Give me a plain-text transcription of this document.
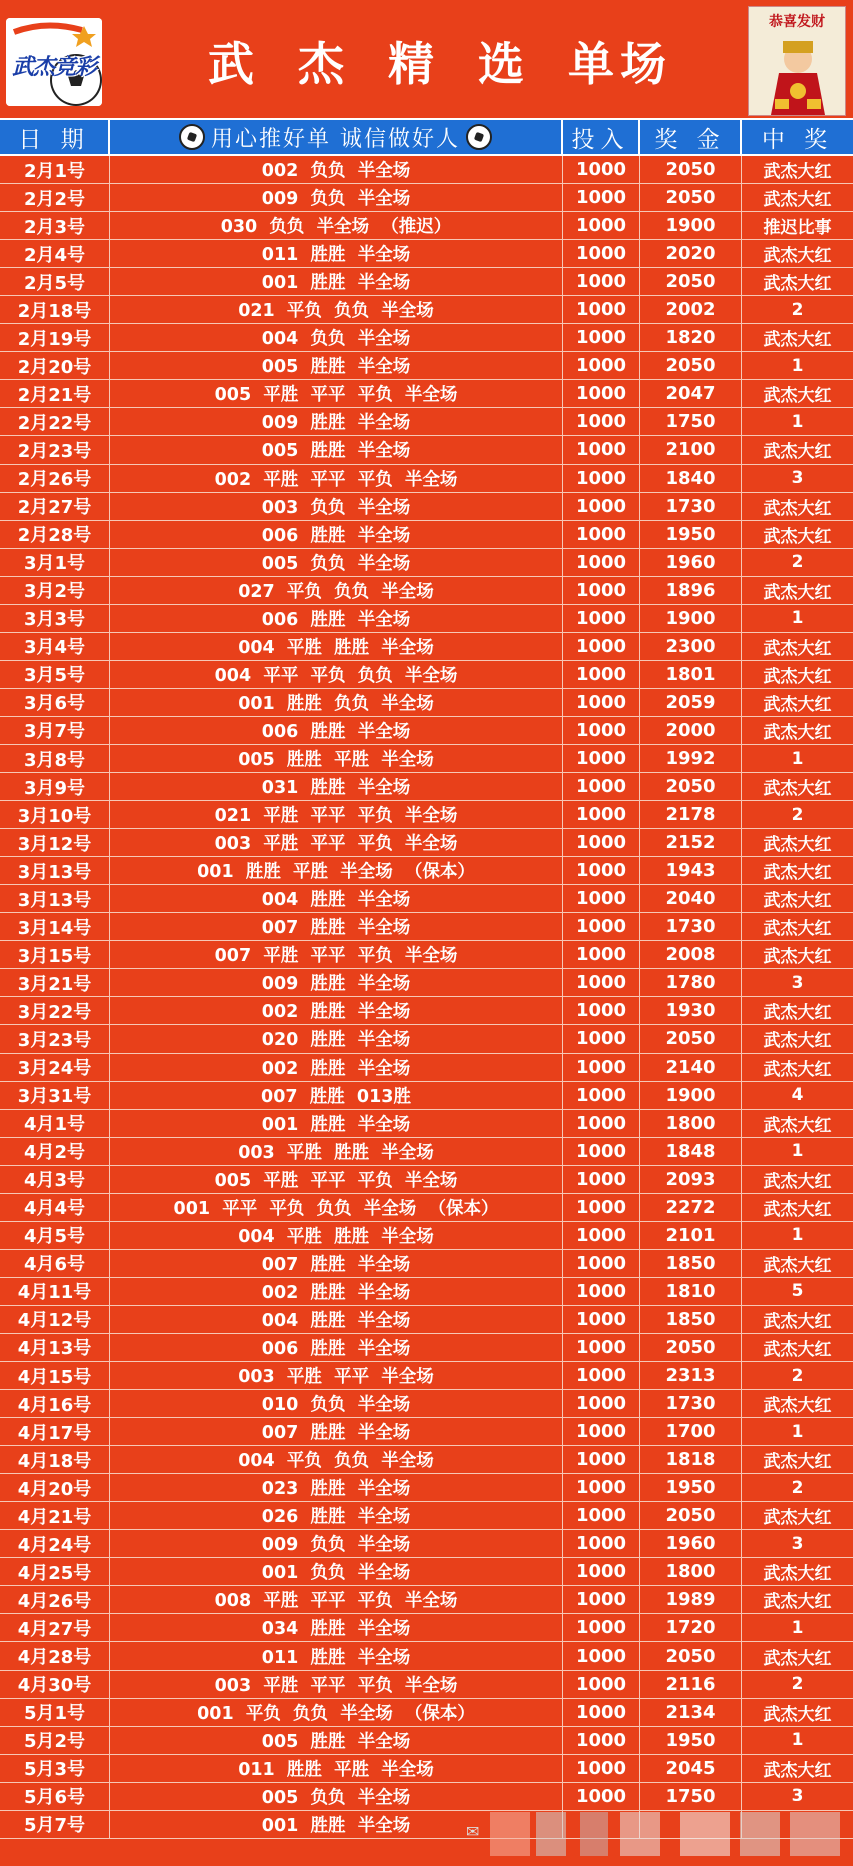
武杰竞彩	武 杰 精 选 单场
恭喜发财
日 期	用心推好单 诚信做好人	投入	奖 金	中 奖
2月1号	002  负负  半全场	1000	2050	武杰大红
2月2号	009  负负  半全场	1000	2050	武杰大红
2月3号	030  负负  半全场  （推迟）	1000	1900	推迟比事
2月4号	011  胜胜  半全场	1000	2020	武杰大红
2月5号	001  胜胜  半全场	1000	2050	武杰大红
2月18号	021  平负  负负  半全场	1000	2002	2
2月19号	004  负负  半全场	1000	1820	武杰大红
2月20号	005  胜胜  半全场	1000	2050	1
2月21号	005  平胜  平平  平负  半全场	1000	2047	武杰大红
2月22号	009  胜胜  半全场	1000	1750	1
2月23号	005  胜胜  半全场	1000	2100	武杰大红
2月26号	002  平胜  平平  平负  半全场	1000	1840	3
2月27号	003  负负  半全场	1000	1730	武杰大红
2月28号	006  胜胜  半全场	1000	1950	武杰大红
3月1号	005  负负  半全场	1000	1960	2
3月2号	027  平负  负负  半全场	1000	1896	武杰大红
3月3号	006  胜胜  半全场	1000	1900	1
3月4号	004  平胜  胜胜  半全场	1000	2300	武杰大红
3月5号	004  平平  平负  负负  半全场	1000	1801	武杰大红
3月6号	001  胜胜  负负  半全场	1000	2059	武杰大红
3月7号	006  胜胜  半全场	1000	2000	武杰大红
3月8号	005  胜胜  平胜  半全场	1000	1992	1
3月9号	031  胜胜  半全场	1000	2050	武杰大红
3月10号	021  平胜  平平  平负  半全场	1000	2178	2
3月12号	003  平胜  平平  平负  半全场	1000	2152	武杰大红
3月13号	001  胜胜  平胜  半全场  （保本）	1000	1943	武杰大红
3月13号	004  胜胜  半全场	1000	2040	武杰大红
3月14号	007  胜胜  半全场	1000	1730	武杰大红
3月15号	007  平胜  平平  平负  半全场	1000	2008	武杰大红
3月21号	009  胜胜  半全场	1000	1780	3
3月22号	002  胜胜  半全场	1000	1930	武杰大红
3月23号	020  胜胜  半全场	1000	2050	武杰大红
3月24号	002  胜胜  半全场	1000	2140	武杰大红
3月31号	007  胜胜  013胜	1000	1900	4
4月1号	001  胜胜  半全场	1000	1800	武杰大红
4月2号	003  平胜  胜胜  半全场	1000	1848	1
4月3号	005  平胜  平平  平负  半全场	1000	2093	武杰大红
4月4号	001  平平  平负  负负  半全场  （保本）	1000	2272	武杰大红
4月5号	004  平胜  胜胜  半全场	1000	2101	1
4月6号	007  胜胜  半全场	1000	1850	武杰大红
4月11号	002  胜胜  半全场	1000	1810	5
4月12号	004  胜胜  半全场	1000	1850	武杰大红
4月13号	006  胜胜  半全场	1000	2050	武杰大红
4月15号	003  平胜  平平  半全场	1000	2313	2
4月16号	010  负负  半全场	1000	1730	武杰大红
4月17号	007  胜胜  半全场	1000	1700	1
4月18号	004  平负  负负  半全场	1000	1818	武杰大红
4月20号	023  胜胜  半全场	1000	1950	2
4月21号	026  胜胜  半全场	1000	2050	武杰大红
4月24号	009  负负  半全场	1000	1960	3
4月25号	001  负负  半全场	1000	1800	武杰大红
4月26号	008  平胜  平平  平负  半全场	1000	1989	武杰大红
4月27号	034  胜胜  半全场	1000	1720	1
4月28号	011  胜胜  半全场	1000	2050	武杰大红
4月30号	003  平胜  平平  平负  半全场	1000	2116	2
5月1号	001  平负  负负  半全场  （保本）	1000	2134	武杰大红
5月2号	005  胜胜  半全场	1000	1950	1
5月3号	011  胜胜  平胜  半全场	1000	2045	武杰大红
5月6号	005  负负  半全场	1000	1750	3
5月7号	001  胜胜  半全场	✉
